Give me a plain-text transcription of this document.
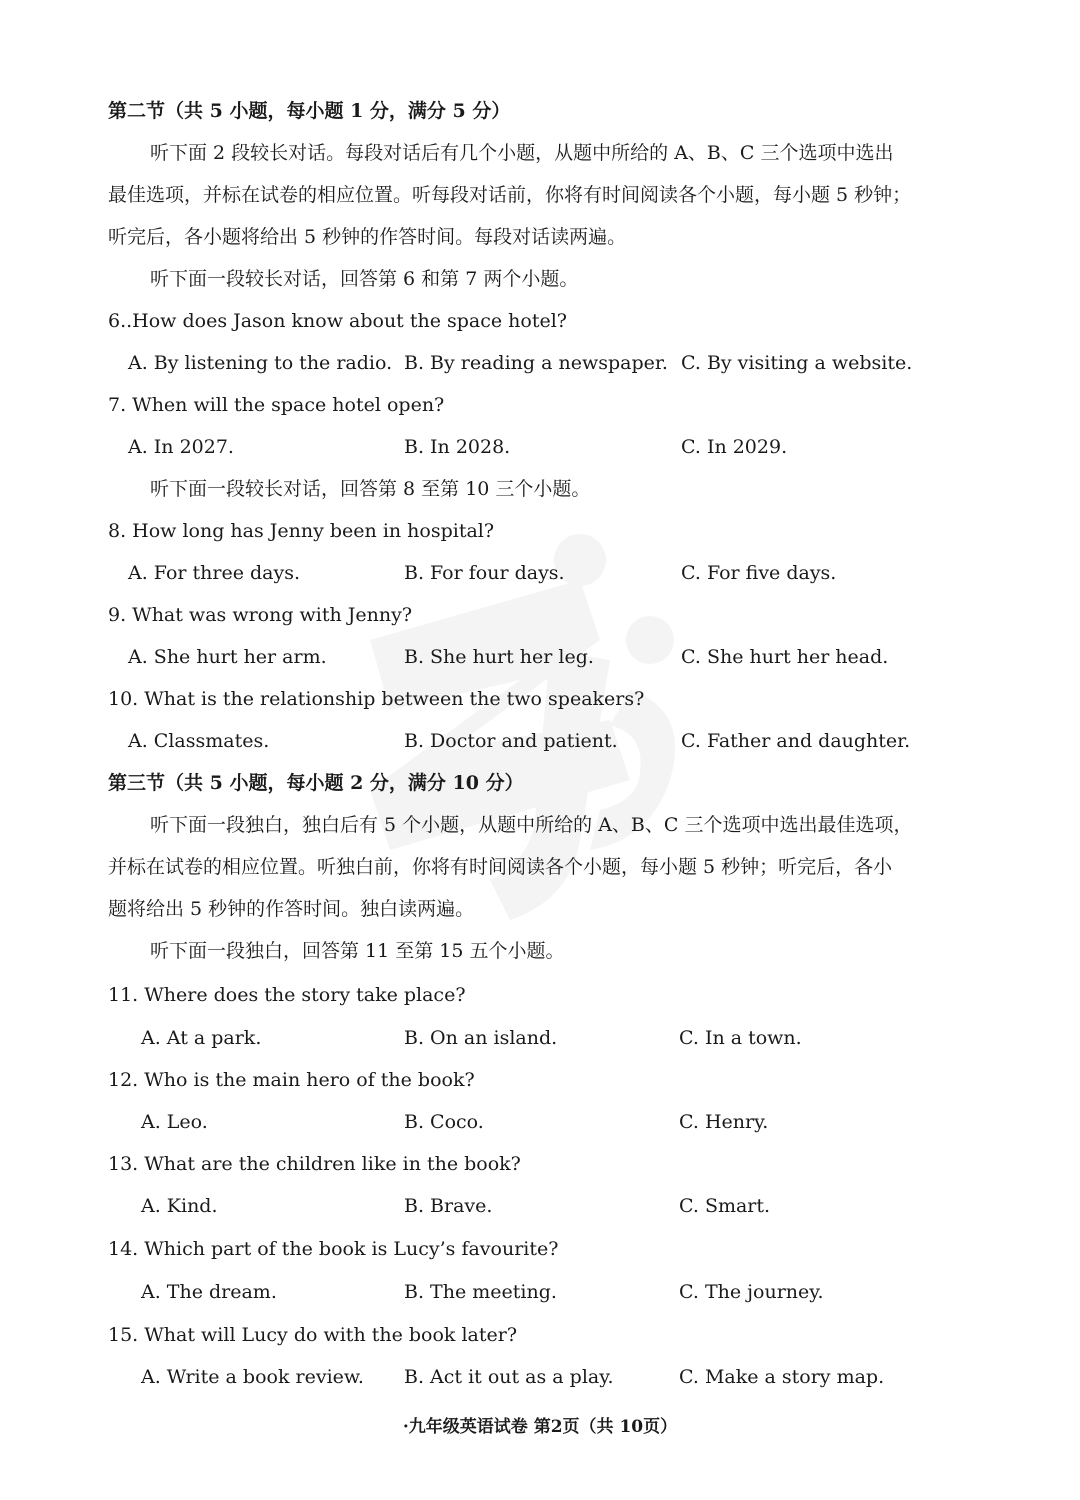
第二节（共 5 小题，每小题 1 分，满分 5 分）
听下面 2 段较长对话。每段对话后有几个小题，从题中所给的 A、B、C 三个选项中选出
最佳选项，并标在试卷的相应位置。听每段对话前，你将有时间阅读各个小题，每小题 5 秒钟；
听完后，各小题将给出 5 秒钟的作答时间。每段对话读两遍。
听下面一段较长对话，回答第 6 和第 7 两个小题。
6..How does Jason know about the space hotel?
A. By listening to the radio. B. By reading a newspaper. C. By visiting a website.
7. When will the space hotel open?
A. In 2027.	B. In 2028.	C. In 2029.
听下面一段较长对话，回答第 8 至第 10 三个小题。
8. How long has Jenny been in hospital?
A. For three days.	B. For four days.	C. For five days.
9. What was wrong with Jenny?
A. She hurt her arm.	B. She hurt her leg.	C. She hurt her head.
10. What is the relationship between the two speakers?
A. Classmates.	B. Doctor and patient.	C. Father and daughter.
第三节（共 5 小题，每小题 2 分，满分 10 分）
听下面一段独白，独白后有 5 个小题，从题中所给的 A、B、C 三个选项中选出最佳选项，
并标在试卷的相应位置。听独白前，你将有时间阅读各个小题，每小题 5 秒钟；听完后，各小
题将给出 5 秒钟的作答时间。独白读两遍。
听下面一段独白，回答第 11 至第 15 五个小题。
11. Where does the story take place?
A. At a park.	B. On an island.	C. In a town.
12. Who is the main hero of the book?
A. Leo.	B. Coco.	C. Henry.
13. What are the children like in the book?
A. Kind.	B. Brave.	C. Smart.
14. Which part of the book is Lucy’s favourite?
A. The dream.	B. The meeting.	C. The journey.
15. What will Lucy do with the book later?
A. Write a book review. B. Act it out as a play.	C. Make a story map.
·九年级英语试卷 第2页（共 10页）
